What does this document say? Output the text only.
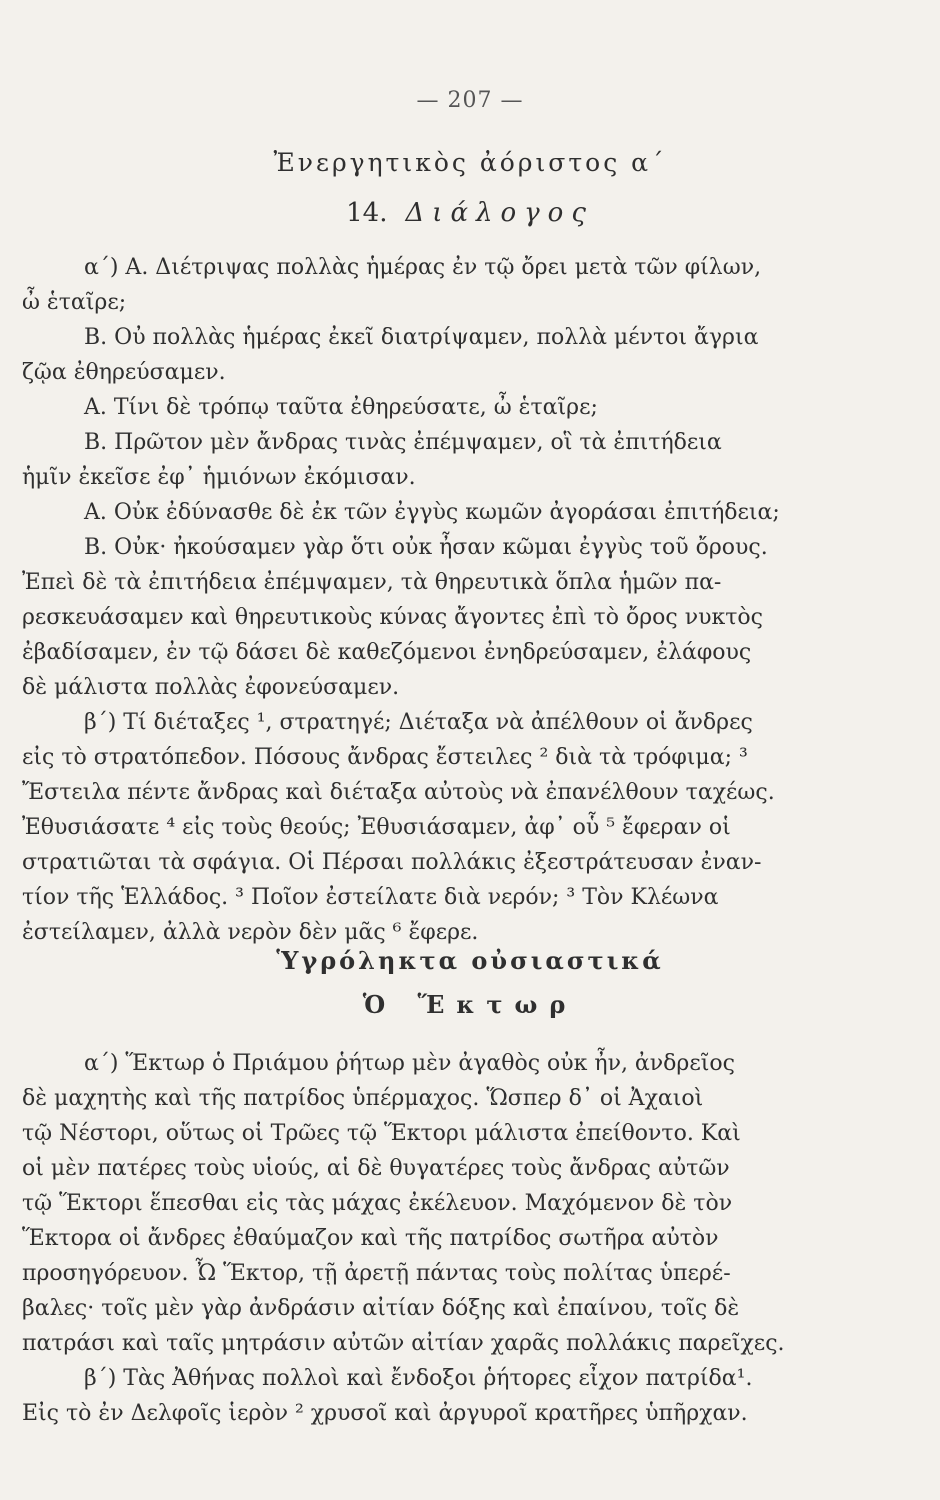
— 207 —
Ἐνεργητικὸς ἀόριστος α΄
14. Διάλογος
α΄) Α. Διέτριψας πολλὰς ἡμέρας ἐν τῷ ὄρει μετὰ τῶν φίλων,
ὦ ἑταῖρε;
Β. Οὐ πολλὰς ἡμέρας ἐκεῖ διατρίψαμεν, πολλὰ μέντοι ἄγρια
ζῷα ἐθηρεύσαμεν.
Α. Τίνι δὲ τρόπῳ ταῦτα ἐθηρεύσατε, ὦ ἑταῖρε;
Β. Πρῶτον μὲν ἄνδρας τινὰς ἐπέμψαμεν, οἳ τὰ ἐπιτήδεια
ἡμῖν ἐκεῖσε ἐφ᾽ ἡμιόνων ἐκόμισαν.
Α. Οὐκ ἐδύνασθε δὲ ἐκ τῶν ἐγγὺς κωμῶν ἀγοράσαι ἐπιτήδεια;
Β. Οὐκ· ἠκούσαμεν γὰρ ὅτι οὐκ ἦσαν κῶμαι ἐγγὺς τοῦ ὄρους.
Ἐπεὶ δὲ τὰ ἐπιτήδεια ἐπέμψαμεν, τὰ θηρευτικὰ ὅπλα ἡμῶν πα-
ρεσκευάσαμεν καὶ θηρευτικοὺς κύνας ἄγοντες ἐπὶ τὸ ὄρος νυκτὸς
ἐβαδίσαμεν, ἐν τῷ δάσει δὲ καθεζόμενοι ἐνηδρεύσαμεν, ἐλάφους
δὲ μάλιστα πολλὰς ἐφονεύσαμεν.
β΄) Τί διέταξες ¹, στρατηγέ; Διέταξα νὰ ἀπέλθουν οἱ ἄνδρες
εἰς τὸ στρατόπεδον. Πόσους ἄνδρας ἔστειλες ² διὰ τὰ τρόφιμα; ³
Ἔστειλα πέντε ἄνδρας καὶ διέταξα αὐτοὺς νὰ ἐπανέλθουν ταχέως.
Ἐθυσιάσατε ⁴ εἰς τοὺς θεούς; Ἐθυσιάσαμεν, ἀφ᾽ οὗ ⁵ ἔφεραν οἱ
στρατιῶται τὰ σφάγια. Οἱ Πέρσαι πολλάκις ἐξεστράτευσαν ἐναν-
τίον τῆς Ἑλλάδος. ³ Ποῖον ἐστείλατε διὰ νερόν; ³ Τὸν Κλέωνα
ἐστείλαμεν, ἀλλὰ νερὸν δὲν μᾶς ⁶ ἔφερε.
Ὑγρόληκτα οὐσιαστικά
Ὁ Ἕκτωρ
α΄) Ἕκτωρ ὁ Πριάμου ῥήτωρ μὲν ἀγαθὸς οὐκ ἦν, ἀνδρεῖος
δὲ μαχητὴς καὶ τῆς πατρίδος ὑπέρμαχος. Ὥσπερ δ᾽ οἱ Ἀχαιοὶ
τῷ Νέστορι, οὕτως οἱ Τρῶες τῷ Ἕκτορι μάλιστα ἐπείθοντο. Καὶ
οἱ μὲν πατέρες τοὺς υἱούς, αἱ δὲ θυγατέρες τοὺς ἄνδρας αὐτῶν
τῷ Ἕκτορι ἕπεσθαι εἰς τὰς μάχας ἐκέλευον. Μαχόμενον δὲ τὸν
Ἕκτορα οἱ ἄνδρες ἐθαύμαζον καὶ τῆς πατρίδος σωτῆρα αὐτὸν
προσηγόρευον. Ὦ Ἕκτορ, τῇ ἀρετῇ πάντας τοὺς πολίτας ὑπερέ-
βαλες· τοῖς μὲν γὰρ ἀνδράσιν αἰτίαν δόξης καὶ ἐπαίνου, τοῖς δὲ
πατράσι καὶ ταῖς μητράσιν αὐτῶν αἰτίαν χαρᾶς πολλάκις παρεῖχες.
β΄) Τὰς Ἀθήνας πολλοὶ καὶ ἔνδοξοι ῥήτορες εἶχον πατρίδα¹.
Εἰς τὸ ἐν Δελφοῖς ἱερὸν ² χρυσοῖ καὶ ἀργυροῖ κρατῆρες ὑπῆρχαν.
